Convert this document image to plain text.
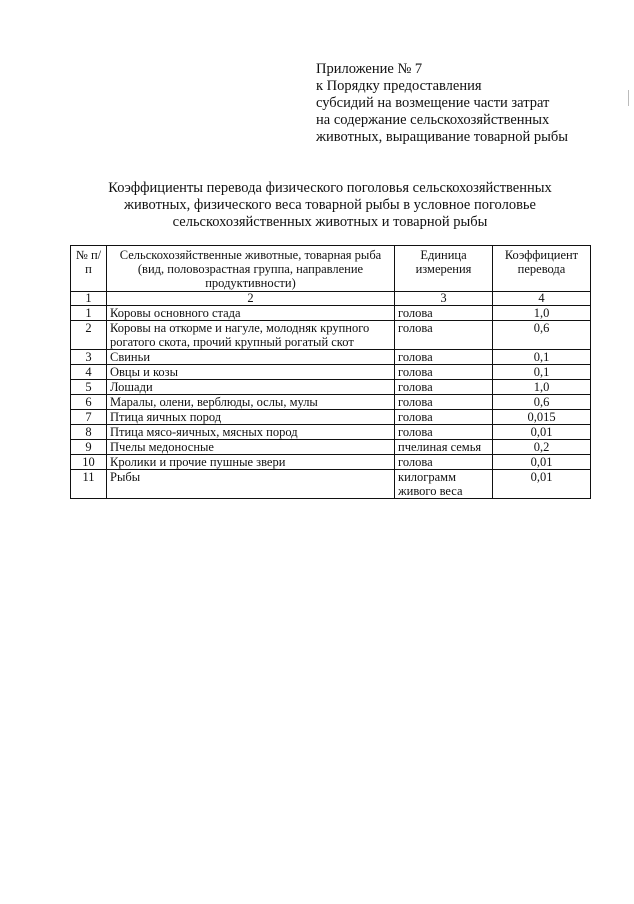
Приложение № 7
к Порядку предоставления
субсидий на возмещение части затрат
на содержание сельскохозяйственных
животных, выращивание товарной рыбы
Коэффициенты перевода физического поголовья сельскохозяйственных
животных, физического веса товарной рыбы в условное поголовье
сельскохозяйственных животных и товарной рыбы
№ п/п	Сельскохозяйственные животные, товарная рыба (вид, половозрастная группа, направление продуктивности)	Единица измерения	Коэффициент перевода
1	2	3	4
1	Коровы основного стада	голова	1,0
2	Коровы на откорме и нагуле, молодняк крупного рогатого скота, прочий крупный рогатый скот	голова	0,6
3	Свиньи	голова	0,1
4	Овцы и козы	голова	0,1
5	Лошади	голова	1,0
6	Маралы, олени, верблюды, ослы, мулы	голова	0,6
7	Птица яичных пород	голова	0,015
8	Птица мясо-яичных, мясных пород	голова	0,01
9	Пчелы медоносные	пчелиная семья	0,2
10	Кролики и прочие пушные звери	голова	0,01
11	Рыбы	килограмм живого веса	0,01
